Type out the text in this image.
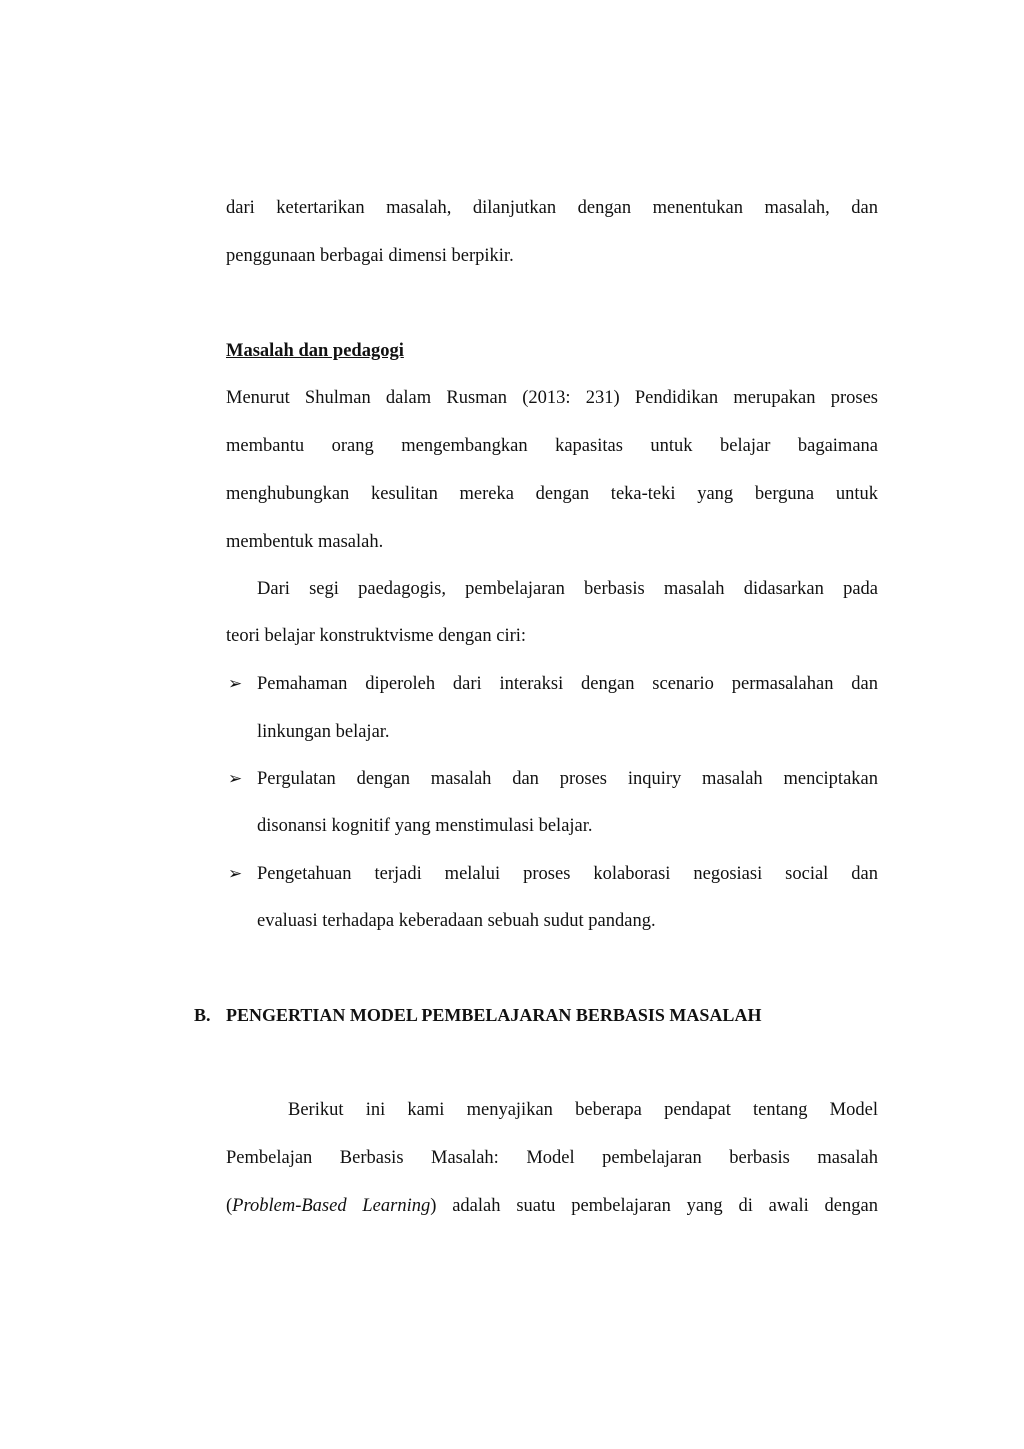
dari ketertarikan masalah, dilanjutkan dengan menentukan masalah, dan
penggunaan berbagai dimensi berpikir.
Masalah dan pedagogi
Menurut Shulman dalam Rusman (2013: 231) Pendidikan merupakan proses
membantu orang mengembangkan kapasitas untuk belajar bagaimana
menghubungkan kesulitan mereka dengan teka-teki yang berguna untuk
membentuk masalah.
Dari segi paedagogis, pembelajaran berbasis masalah didasarkan pada
teori belajar konstruktvisme dengan ciri:
➢ Pemahaman diperoleh dari interaksi dengan scenario permasalahan dan
linkungan belajar.
➢ Pergulatan dengan masalah dan proses inquiry masalah menciptakan
disonansi kognitif yang menstimulasi belajar.
➢ Pengetahuan terjadi melalui proses kolaborasi negosiasi social dan
evaluasi terhadapa keberadaan sebuah sudut pandang.
B. PENGERTIAN MODEL PEMBELAJARAN BERBASIS MASALAH
Berikut ini kami menyajikan beberapa pendapat tentang Model
Pembelajan Berbasis Masalah: Model pembelajaran berbasis masalah
(Problem-Based Learning) adalah suatu pembelajaran yang di awali dengan
